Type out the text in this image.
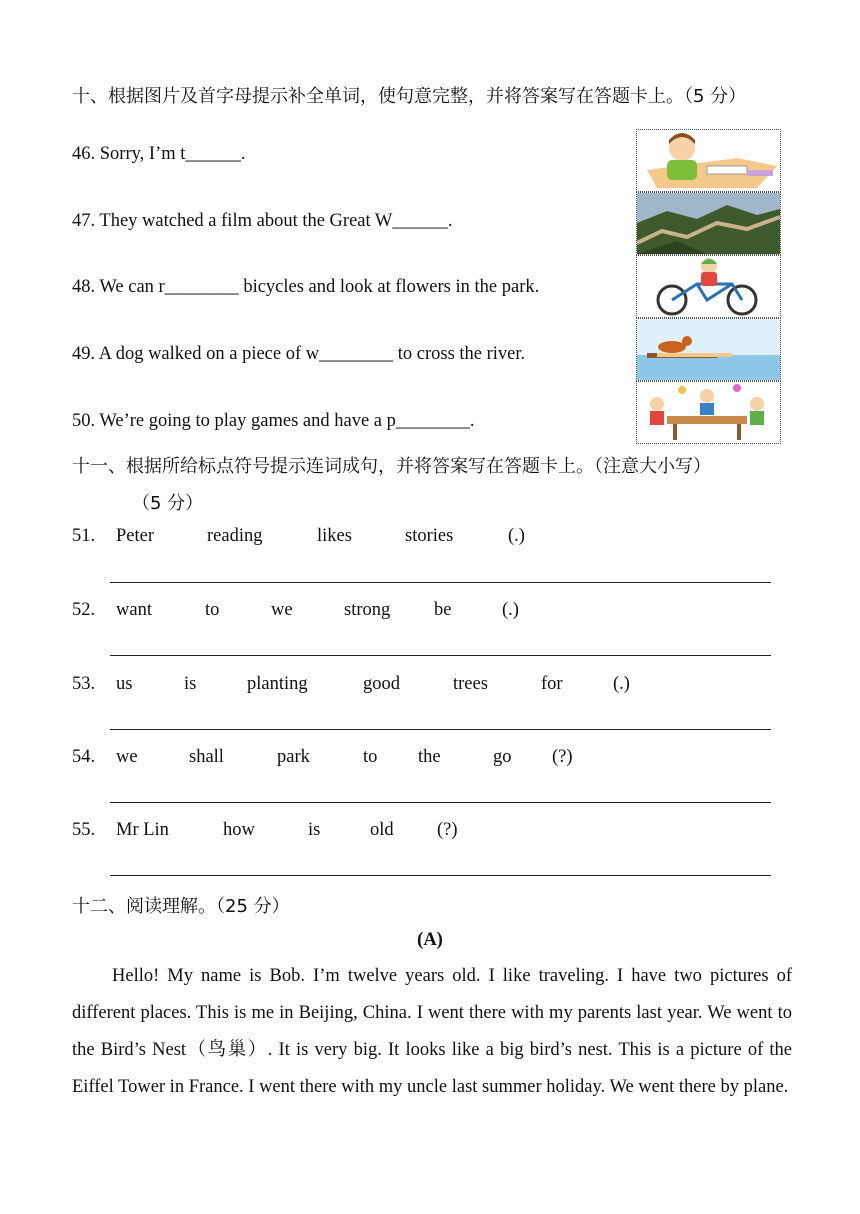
十、根据图片及首字母提示补全单词，使句意完整，并将答案写在答题卡上。（5 分）
46. Sorry, I’m t______.
47. They watched a film about the Great W______.
48. We can r________ bicycles and look at flowers in the park.
49. A dog walked on a piece of w________ to cross the river.
50. We’re going to play games and have a p________.
十一、根据所给标点符号提示连词成句，并将答案写在答题卡上。（注意大小写）
（5 分）
51. Peter	reading	likes	stories	(.)
52. want	to	we	strong be	(.)
53. us	is	planting	good	trees	for	(.)
54. we	shall	park	to the	go (?)
55. Mr Lin	how	is	old (?)
十二、阅读理解。（25 分）
(A)

Hello! My name is Bob. I’m twelve years old. I like traveling. I have two pictures of different places. This is me in Beijing, China. I went there with my parents last year. We went to the Bird’s Nest（鸟巢）. It is very big. It looks like a big bird’s nest. This is a picture of the Eiffel Tower in France. I went there with my uncle last summer holiday. We went there by plane.
